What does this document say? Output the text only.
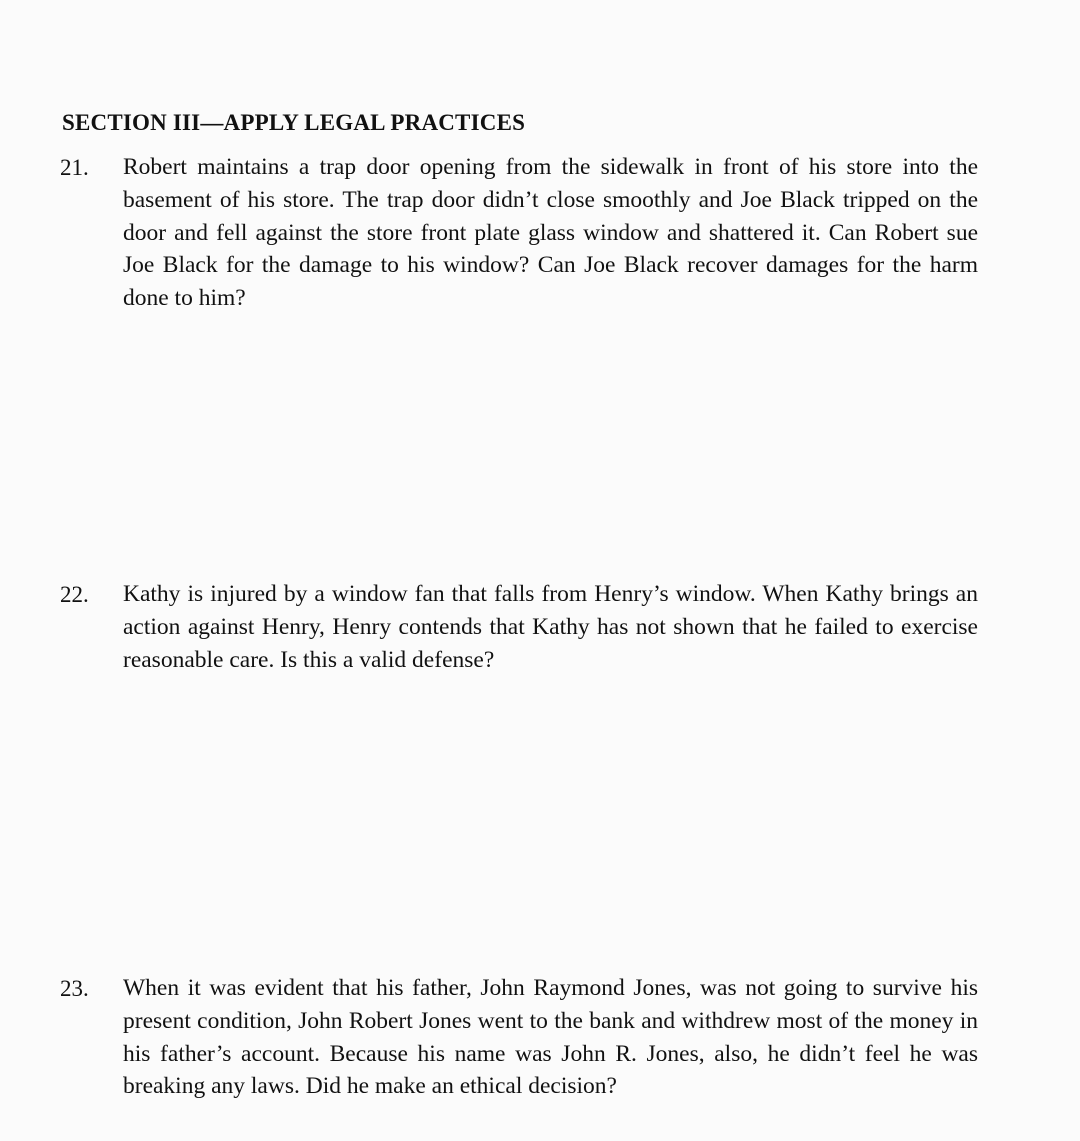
SECTION III—APPLY LEGAL PRACTICES
21. Robert maintains a trap door opening from the sidewalk in front of his store into the basement of his store. The trap door didn’t close smoothly and Joe Black tripped on the door and fell against the store front plate glass window and shattered it. Can Robert sue Joe Black for the damage to his window? Can Joe Black recover damages for the harm done to him?

22. Kathy is injured by a window fan that falls from Henry’s window. When Kathy brings an action against Henry, Henry contends that Kathy has not shown that he failed to exercise reasonable care. Is this a valid defense?

23. When it was evident that his father, John Raymond Jones, was not going to survive his present condition, John Robert Jones went to the bank and withdrew most of the money in his father’s account. Because his name was John R. Jones, also, he didn’t feel he was breaking any laws. Did he make an ethical decision?
